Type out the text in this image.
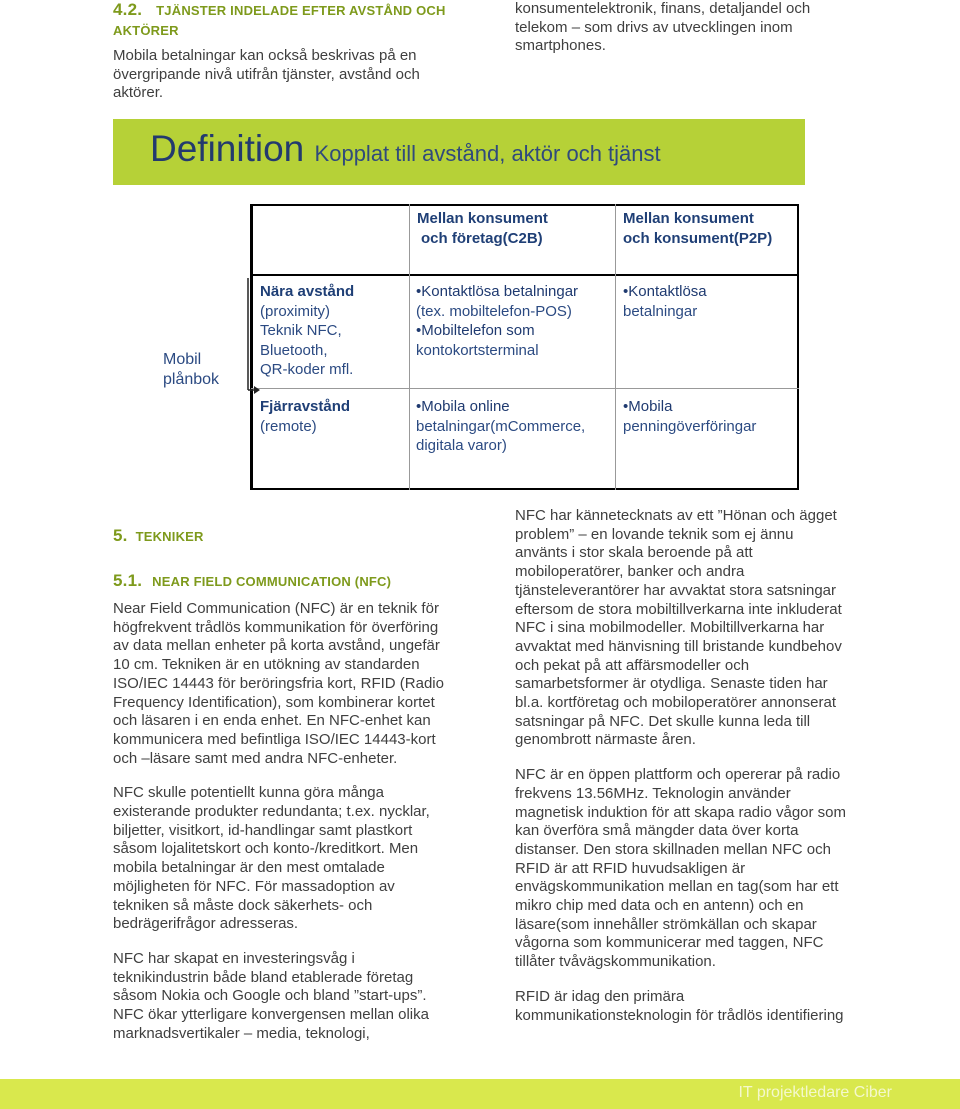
4.2. TJÄNSTER INDELADE EFTER AVSTÅND OCH
AKTÖRER

Mobila betalningar kan också beskrivas på en övergripande nivå utifrån tjänster, avstånd och aktörer.

konsumentelektronik, finans, detaljandel och telekom – som drivs av utvecklingen inom smartphones.

Definition Kopplat till avstånd, aktör och tjänst
Mellan konsument
och företag(C2B)
Mellan konsument
och konsument(P2P)
Mobil
plånbok
Nära avstånd
(proximity)
Teknik NFC,
Bluetooth,
QR-koder mfl.
Fjärravstånd
(remote)
•Kontaktlösa betalningar
(tex. mobiltelefon-POS)
•Mobiltelefon som
kontokortsterminal
•Kontaktlösa
betalningar
•Mobila online
betalningar(mCommerce,
digitala varor)
•Mobila
penningöverföringar
5. TEKNIKER
5.1. NEAR FIELD COMMUNICATION (NFC)

Near Field Communication (NFC) är en teknik för högfrekvent trådlös kommunikation för överföring av data mellan enheter på korta avstånd, ungefär 10 cm. Tekniken är en utökning av standarden ISO/IEC 14443 för beröringsfria kort, RFID (Radio Frequency Identification), som kombinerar kortet och läsaren i en enda enhet. En NFC-enhet kan kommunicera med befintliga ISO/IEC 14443-kort och –läsare samt med andra NFC-enheter.

NFC skulle potentiellt kunna göra många existerande produkter redundanta; t.ex. nycklar, biljetter, visitkort, id-handlingar samt plastkort såsom lojalitetskort och konto-/kreditkort. Men mobila betalningar är den mest omtalade möjligheten för NFC. För massadoption av tekniken så måste dock säkerhets- och bedrägerifrågor adresseras.

NFC har skapat en investeringsvåg i teknikindustrin både bland etablerade företag såsom Nokia och Google och bland ”start-ups”. NFC ökar ytterligare konvergensen mellan olika marknadsvertikaler – media, teknologi,

NFC har kännetecknats av ett ”Hönan och ägget problem” – en lovande teknik som ej ännu använts i stor skala beroende på att mobiloperatörer, banker och andra tjänsteleverantörer har avvaktat stora satsningar eftersom de stora mobiltillverkarna inte inkluderat NFC i sina mobilmodeller. Mobiltillverkarna har avvaktat med hänvisning till bristande kundbehov och pekat på att affärsmodeller och samarbetsformer är otydliga. Senaste tiden har bl.a. kortföretag och mobiloperatörer annonserat satsningar på NFC. Det skulle kunna leda till genombrott närmaste åren.

NFC är en öppen plattform och opererar på radio frekvens 13.56MHz. Teknologin använder magnetisk induktion för att skapa radio vågor som kan överföra små mängder data över korta distanser. Den stora skillnaden mellan NFC och RFID är att RFID huvudsakligen är envägskommunikation mellan en tag(som har ett mikro chip med data och en antenn) och en läsare(som innehåller strömkällan och skapar vågorna som kommunicerar med taggen, NFC tillåter tvåvägskommunikation.

RFID är idag den primära kommunikationsteknologin för trådlös identifiering

IT projektledare Ciber
